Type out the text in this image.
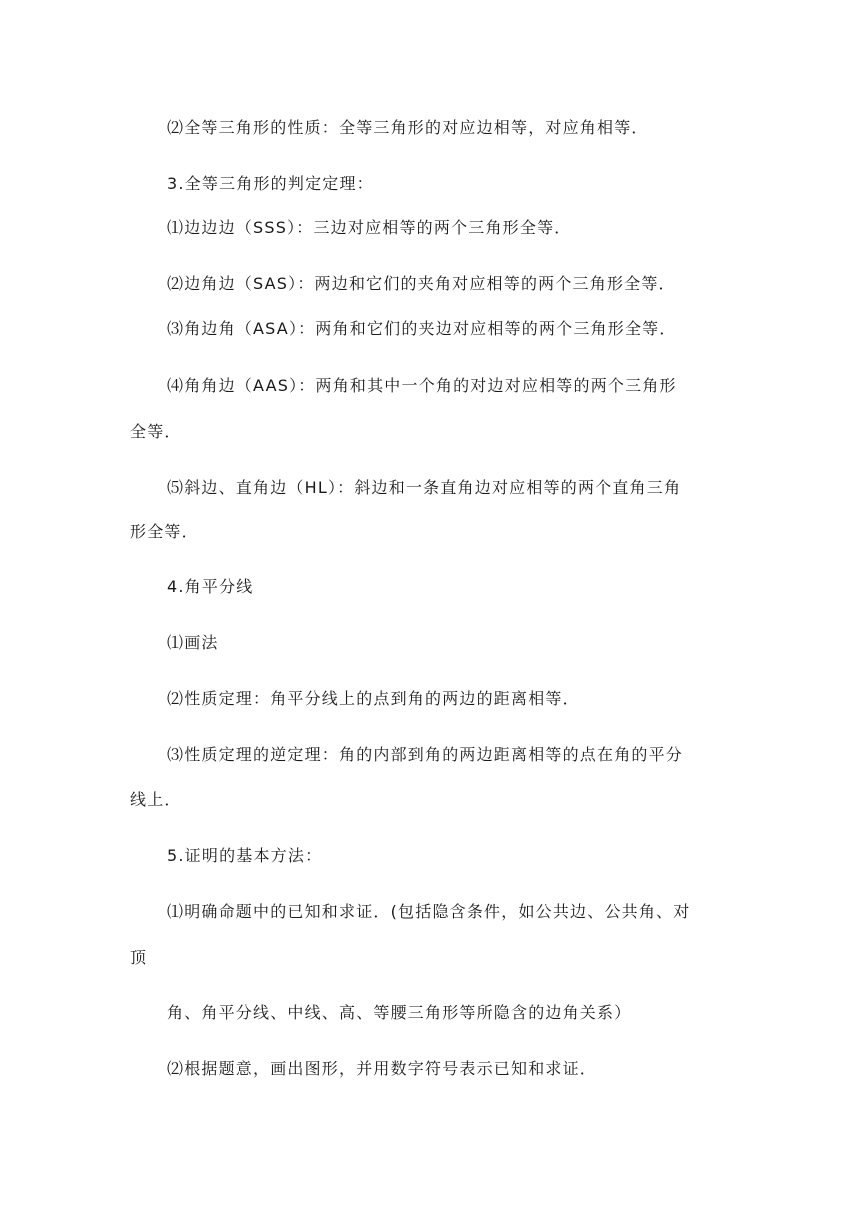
⑵全等三角形的性质：全等三角形的对应边相等，对应角相等．
3.全等三角形的判定定理：
⑴边边边（SSS）：三边对应相等的两个三角形全等．
⑵边角边（SAS）：两边和它们的夹角对应相等的两个三角形全等．
⑶角边角（ASA）：两角和它们的夹边对应相等的两个三角形全等．
⑷角角边（AAS）：两角和其中一个角的对边对应相等的两个三角形
全等．
⑸斜边、直角边（HL）：斜边和一条直角边对应相等的两个直角三角
形全等．
4.角平分线
⑴画法
⑵性质定理：角平分线上的点到角的两边的距离相等．
⑶性质定理的逆定理：角的内部到角的两边距离相等的点在角的平分
线上．
5.证明的基本方法：
⑴明确命题中的已知和求证．(包括隐含条件，如公共边、公共角、对
顶
角、角平分线、中线、高、等腰三角形等所隐含的边角关系）
⑵根据题意，画出图形，并用数字符号表示已知和求证．
